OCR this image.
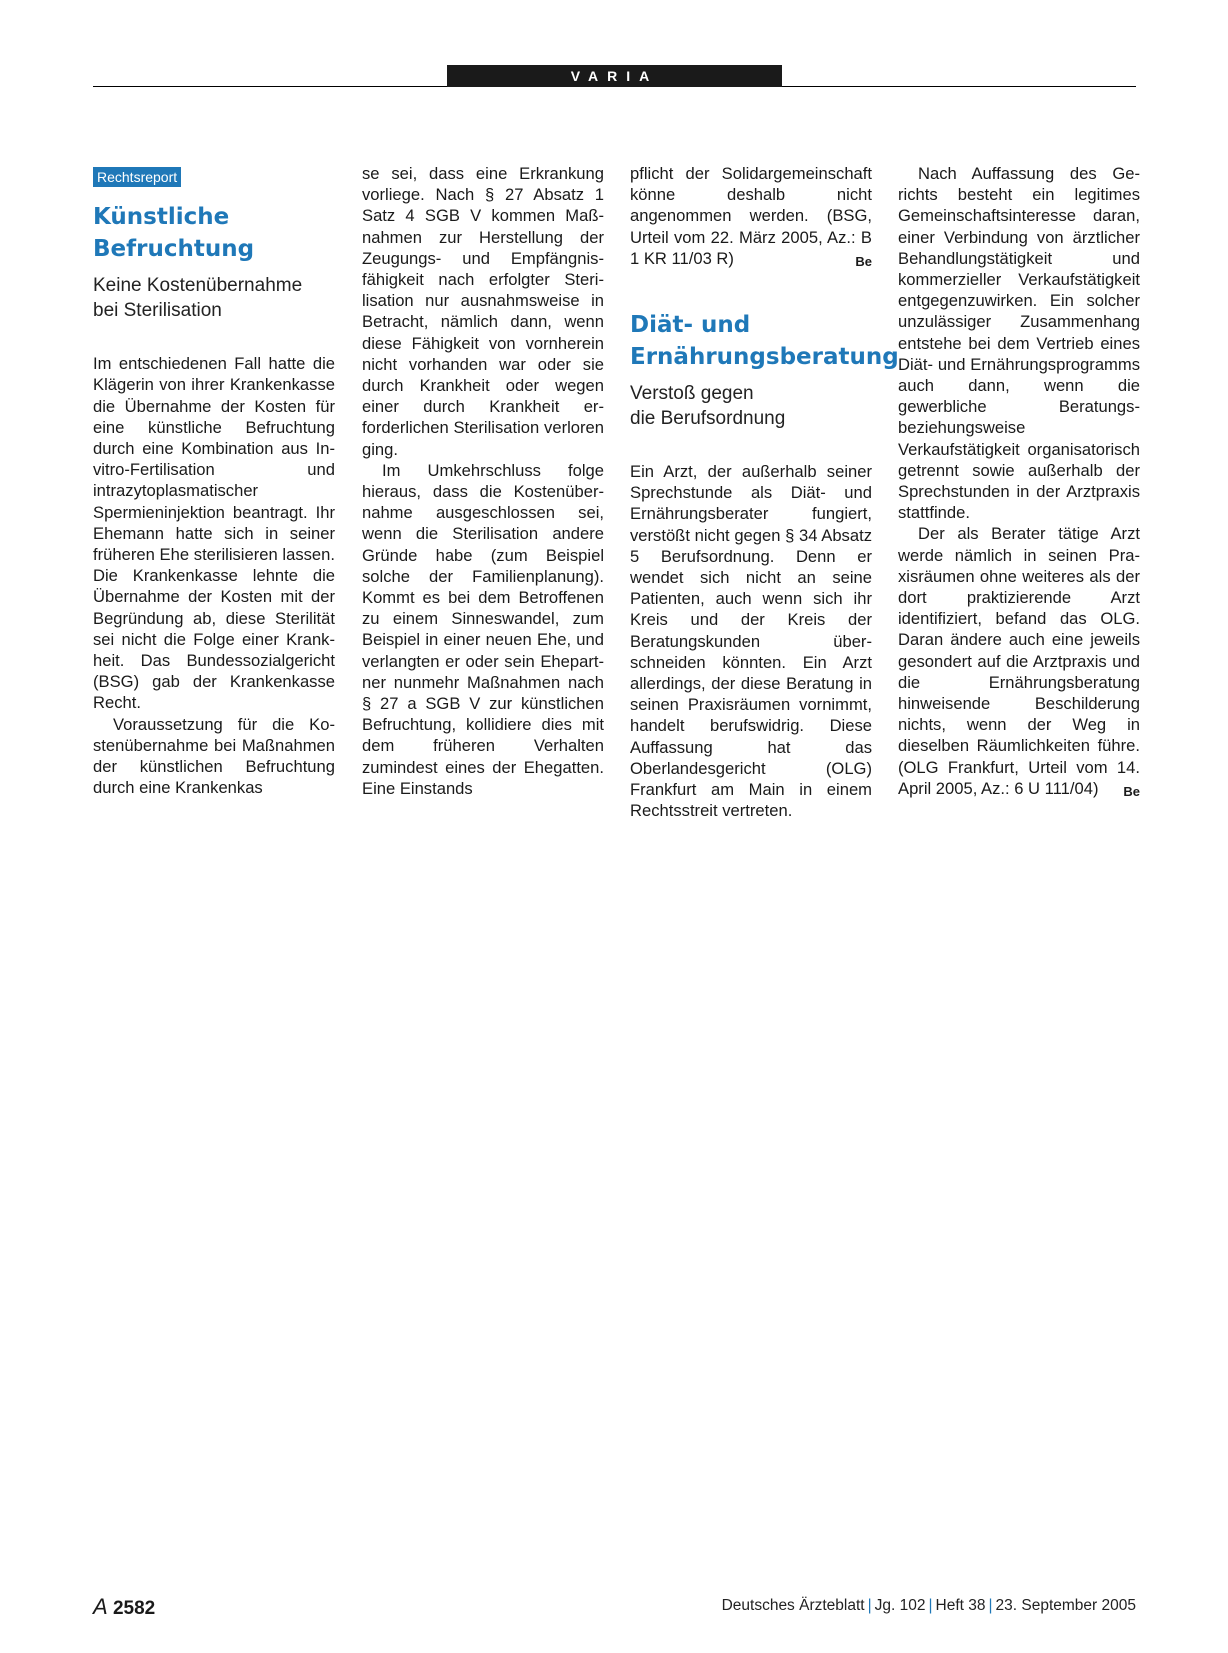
VARIA
Rechtsreport
Künstliche
Befruchtung
Keine Kostenübernahme
bei Sterilisation

Im entschiedenen Fall hatte die Klägerin von ihrer Krankenkasse die Übernahme der Kosten für eine künstliche Befruchtung durch eine Kombination aus In-vitro-Fertilisation und intrazytoplasmatischer Spermieninjektion beantragt. Ihr Ehemann hatte sich in seiner früheren Ehe sterilisieren lassen. Die Krankenkasse lehnte die Übernahme der Kosten mit der Begründung ab, diese Sterilität sei nicht die Folge einer Krankheit. Das Bundessozialgericht (BSG) gab der Krankenkasse Recht.

Voraussetzung für die Kostenübernahme bei Maßnahmen der künstlichen Befruchtung durch eine Krankenkas

se sei, dass eine Erkrankung vorliege. Nach § 27 Absatz 1 Satz 4 SGB V kommen Maßnahmen zur Herstellung der Zeugungs- und Empfängnisfähigkeit nach erfolgter Sterilisation nur ausnahmsweise in Betracht, nämlich dann, wenn diese Fähigkeit von vornherein nicht vorhanden war oder sie durch Krankheit oder wegen einer durch Krankheit erforderlichen Sterilisation verloren ging.

Im Umkehrschluss folge hieraus, dass die Kostenübernahme ausgeschlossen sei, wenn die Sterilisation andere Gründe habe (zum Beispiel solche der Familienplanung). Kommt es bei dem Betroffenen zu einem Sinneswandel, zum Beispiel in einer neuen Ehe, und verlangten er oder sein Ehepartner nunmehr Maßnahmen nach § 27 a SGB V zur künstlichen Befruchtung, kollidiere dies mit dem früheren Verhalten zumindest eines der Ehegatten. Eine Einstands

pflicht der Solidargemeinschaft könne deshalb nicht angenommen werden. (BSG, Urteil vom 22. März 2005, Az.: B 1 KR 11/03 R)	Be

Diät- und
Ernährungsberatung
Verstoß gegen
die Berufsordnung

Ein Arzt, der außerhalb seiner Sprechstunde als Diät- und Ernährungsberater fungiert, verstößt nicht gegen § 34 Absatz 5 Berufsordnung. Denn er wendet sich nicht an seine Patienten, auch wenn sich ihr Kreis und der Kreis der Beratungskunden überschneiden könnten. Ein Arzt allerdings, der diese Beratung in seinen Praxisräumen vornimmt, handelt berufswidrig. Diese Auffassung hat das Oberlandesgericht (OLG) Frankfurt am Main in einem Rechtsstreit vertreten.

Nach Auffassung des Gerichts besteht ein legitimes Gemeinschaftsinteresse daran, einer Verbindung von ärztlicher Behandlungstätigkeit und kommerzieller Verkaufstätigkeit entgegenzuwirken. Ein solcher unzulässiger Zusammenhang entstehe bei dem Vertrieb eines Diät- und Ernährungsprogramms auch dann, wenn die gewerbliche Beratungs- beziehungsweise Verkaufstätigkeit organisatorisch getrennt sowie außerhalb der Sprechstunden in der Arztpraxis stattfinde.

Der als Berater tätige Arzt werde nämlich in seinen Praxisräumen ohne weiteres als der dort praktizierende Arzt identifiziert, befand das OLG. Daran ändere auch eine jeweils gesondert auf die Arztpraxis und die Ernährungsberatung hinweisende Beschilderung nichts, wenn der Weg in dieselben Räumlichkeiten führe. (OLG Frankfurt, Urteil vom 14. April 2005, Az.: 6 U 111/04)	Be

A 2582	Deutsches Ärzteblatt | Jg. 102 | Heft 38 | 23. September 2005
